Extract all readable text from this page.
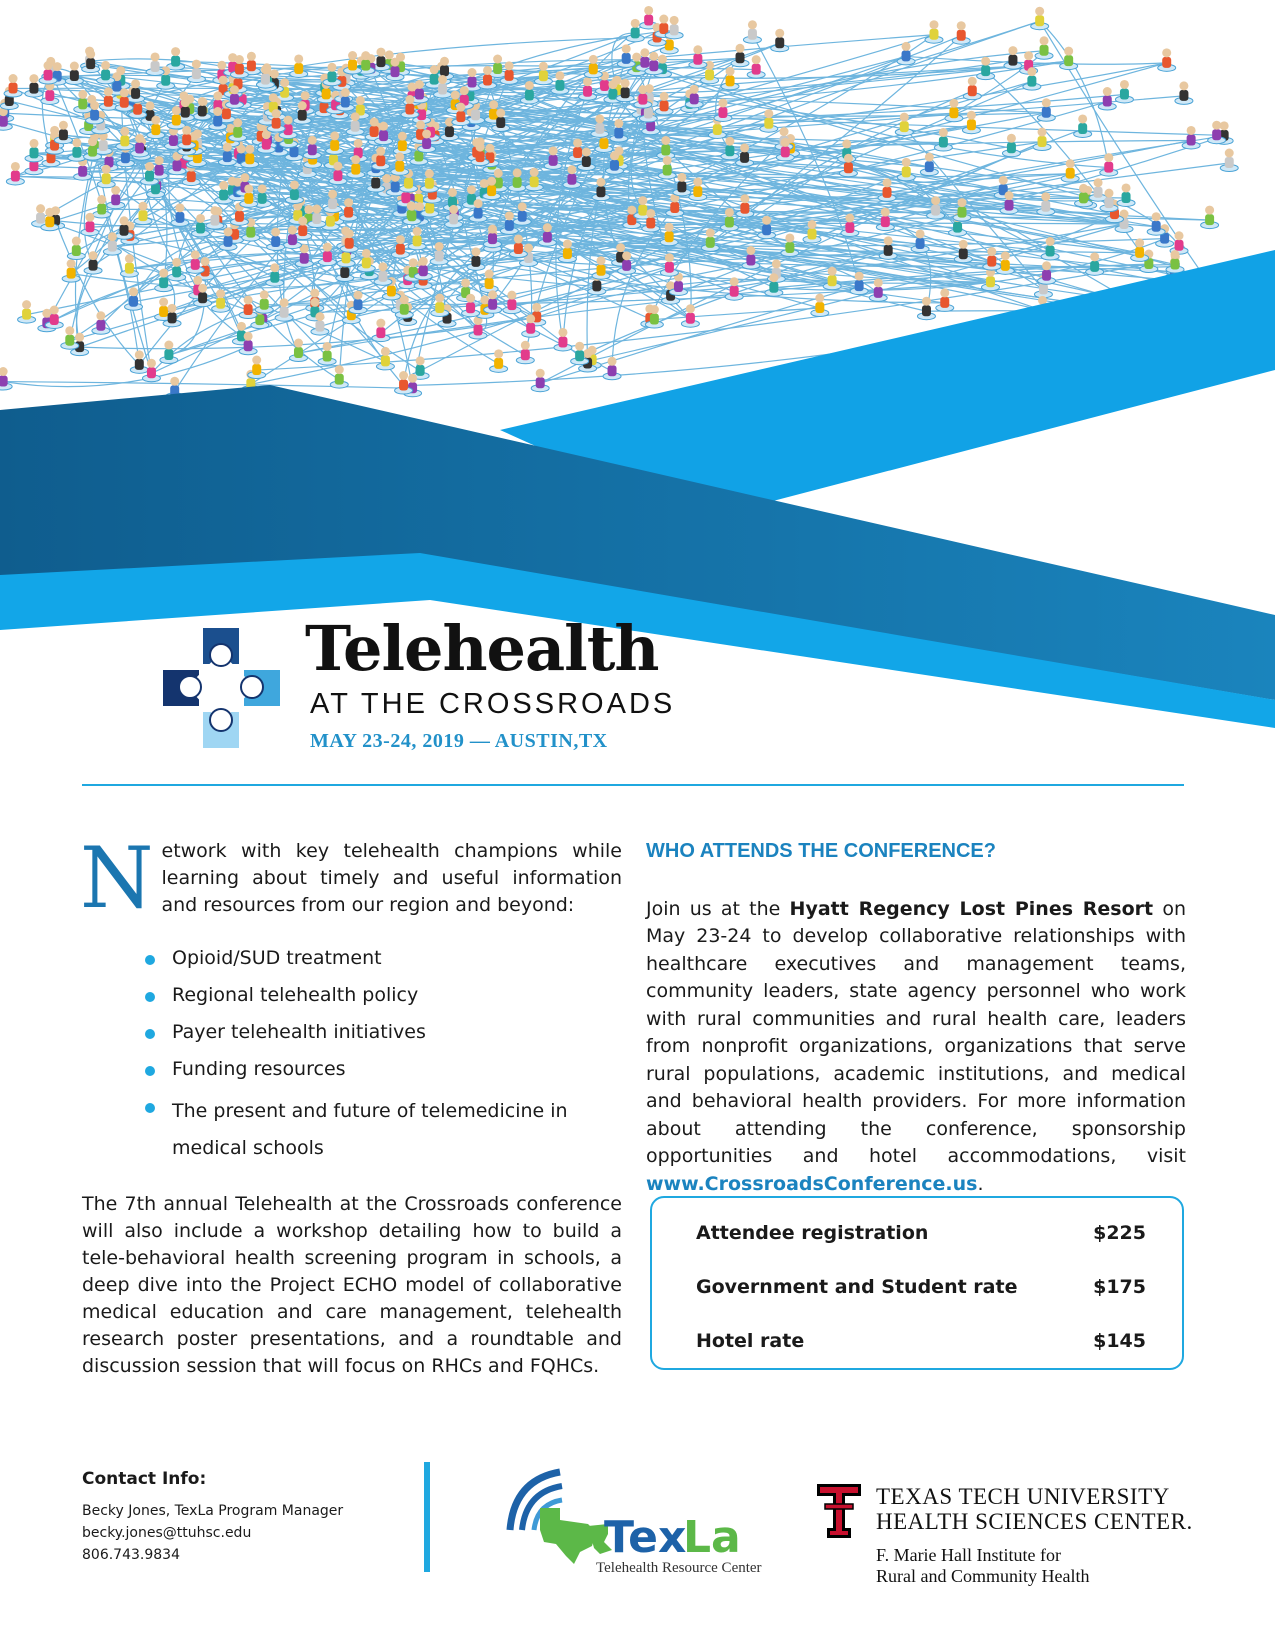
Telehealth
AT THE CROSSROADS
MAY 23-24, 2019 — AUSTIN,TX

Network with key telehealth champions while learning about timely and useful information and resources from our region and beyond:

Opioid/SUD treatment
Regional telehealth policy
Payer telehealth initiatives
Funding resources
The present and future of telemedicine in medical schools

The 7th annual Telehealth at the Crossroads conference will also include a workshop detailing how to build a tele-behavioral health screening program in schools, a deep dive into the Project ECHO model of collaborative medical education and care management, telehealth research poster presentations, and a roundtable and discussion session that will focus on RHCs and FQHCs.

WHO ATTENDS THE CONFERENCE?

Join us at the Hyatt Regency Lost Pines Resort on May 23-24 to develop collaborative relationships with healthcare executives and management teams, community leaders, state agency personnel who work with rural communities and rural health care, leaders from nonprofit organizations, organizations that serve rural populations, academic institutions, and medical and behavioral health providers. For more information about attending the conference, sponsorship opportunities and hotel accommodations, visit www.CrossroadsConference.us.

Attendee registration	$225
Government and Student rate	$175
Hotel rate	$145
Contact Info:
Becky Jones, TexLa Program Manager
becky.jones@ttuhsc.edu
806.743.9834	Tex
La
Telehealth Resource Center
TEXAS TECH UNIVERSITY
HEALTH SCIENCES CENTER.
F. Marie Hall Institute for
Rural and Community Health
